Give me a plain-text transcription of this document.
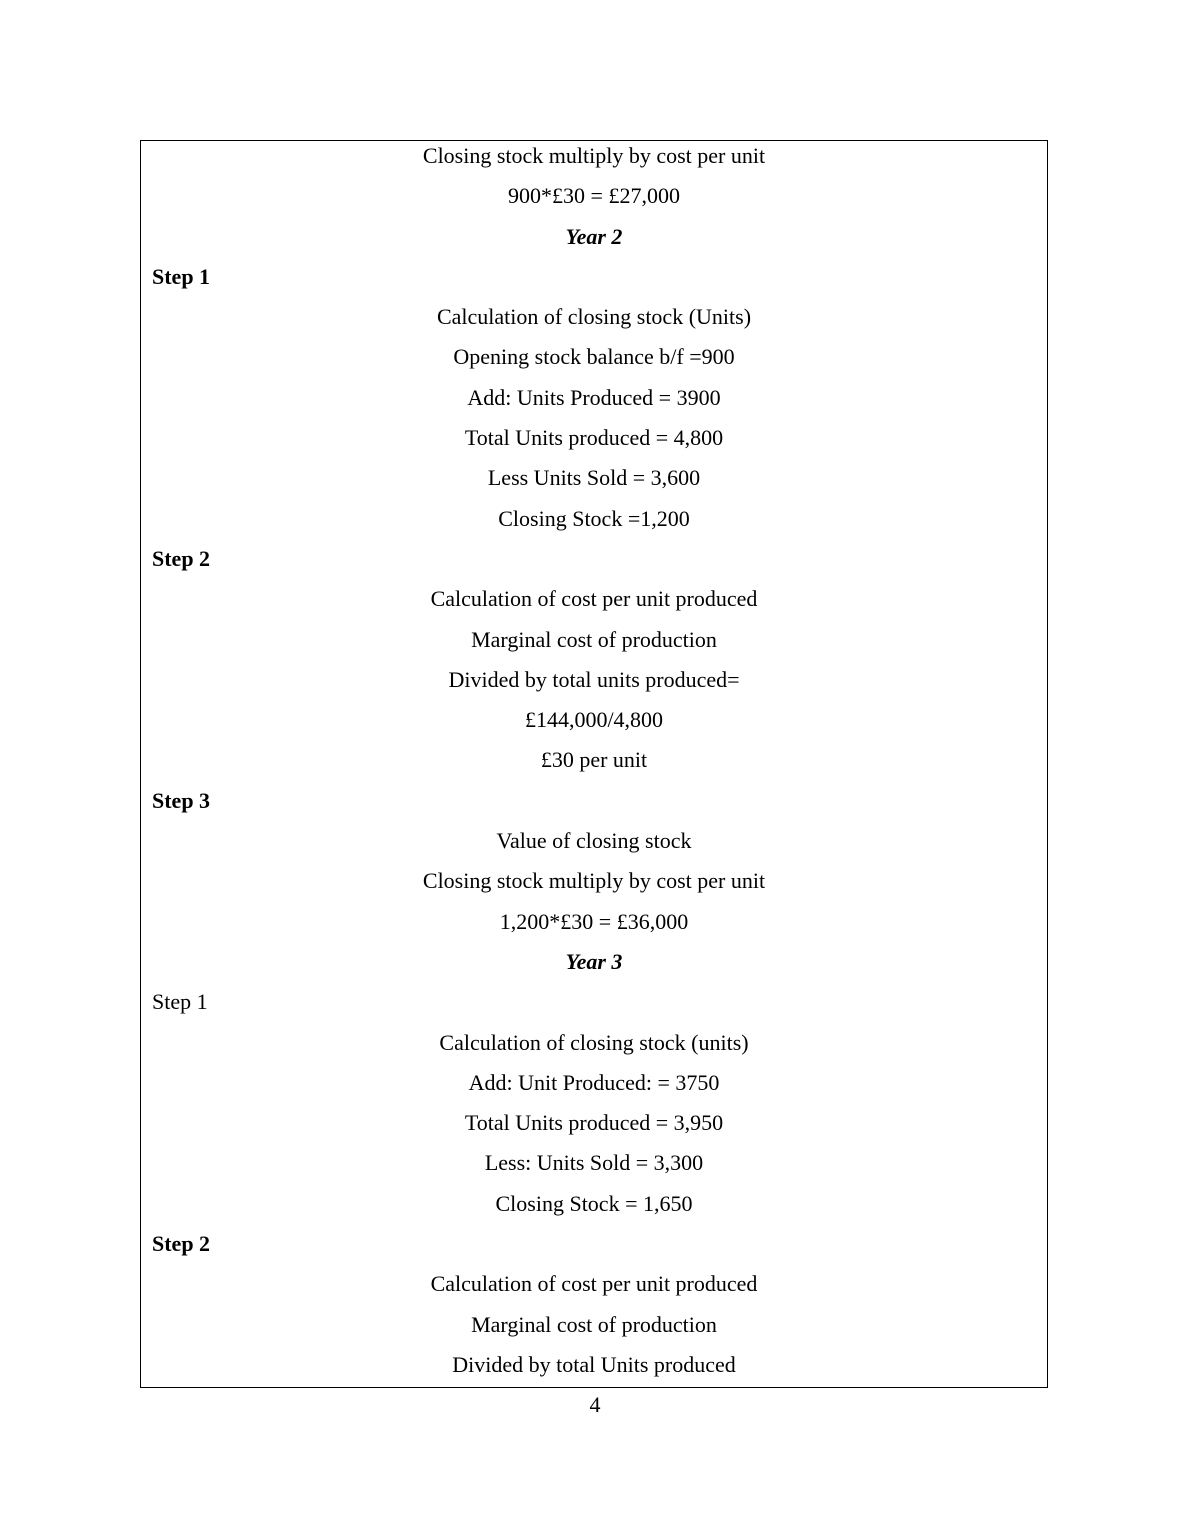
Closing stock multiply by cost per unit
900*£30 = £27,000
Year 2
Step 1
Calculation of closing stock (Units)
Opening stock balance b/f =900
Add: Units Produced = 3900
Total Units produced = 4,800
Less Units Sold = 3,600
Closing Stock =1,200
Step 2
Calculation of cost per unit produced
Marginal cost of production
Divided by total units produced=
£144,000/4,800
£30 per unit
Step 3
Value of closing stock
Closing stock multiply by cost per unit
1,200*£30 = £36,000
Year 3
Step 1
Calculation of closing stock (units)
Add: Unit Produced: = 3750
Total Units produced = 3,950
Less: Units Sold = 3,300
Closing Stock = 1,650
Step 2
Calculation of cost per unit produced
Marginal cost of production
Divided by total Units produced
4
